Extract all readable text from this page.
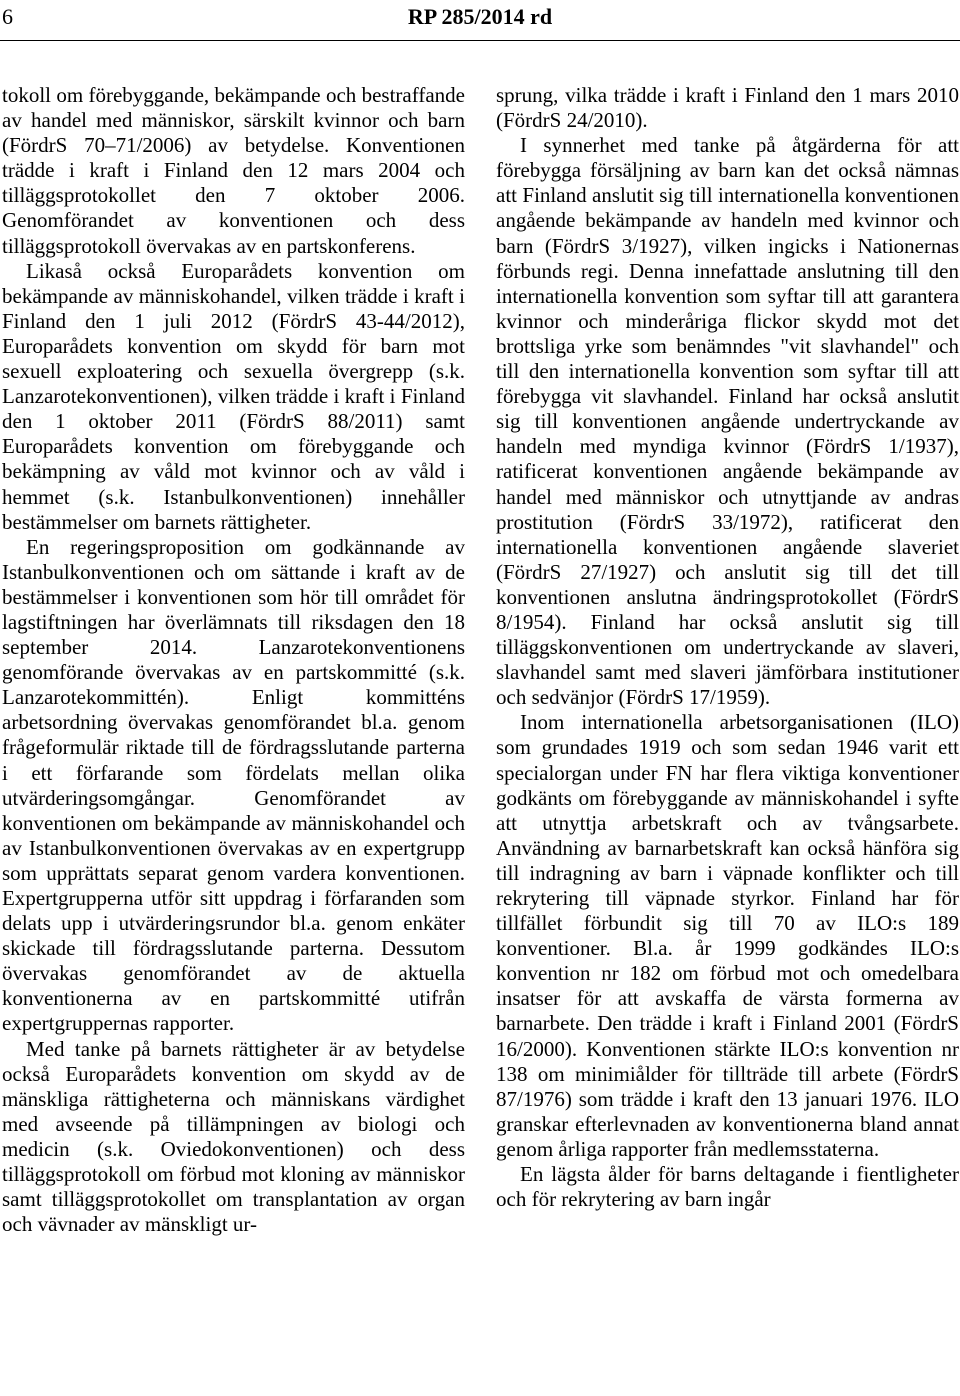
6	RP 285/2014 rd

tokoll om förebyggande, bekämpande och bestraffande av handel med människor, särskilt kvinnor och barn (FördrS 70–71/2006) av betydelse. Konventionen trädde i kraft i Finland den 12 mars 2004 och tilläggsprotokollet den 7 oktober 2006. Genomförandet av konventionen och dess tilläggsprotokoll övervakas av en partskonferens.

Likaså också Europarådets konvention om bekämpande av människohandel, vilken trädde i kraft i Finland den 1 juli 2012 (FördrS 43-44/2012), Europarådets konvention om skydd för barn mot sexuell exploatering och sexuella övergrepp (s.k. Lanzarotekonventionen), vilken trädde i kraft i Finland den 1 oktober 2011 (FördrS 88/2011) samt Europarådets konvention om förebyggande och bekämpning av våld mot kvinnor och av våld i hemmet (s.k. Istanbulkonventionen) innehåller bestämmelser om barnets rättigheter.

En regeringsproposition om godkännande av Istanbulkonventionen och om sättande i kraft av de bestämmelser i konventionen som hör till området för lagstiftningen har överlämnats till riksdagen den 18 september 2014. Lanzarotekonventionens genomförande övervakas av en partskommitté (s.k. Lanzarotekommittén). Enligt kommitténs arbetsordning övervakas genomförandet bl.a. genom frågeformulär riktade till de fördragsslutande parterna i ett förfarande som fördelats mellan olika utvärderingsomgångar. Genomförandet av konventionen om bekämpande av människohandel och av Istanbulkonventionen övervakas av en expertgrupp som upprättats separat genom vardera konventionen. Expertgrupperna utför sitt uppdrag i förfaranden som delats upp i utvärderingsrundor bl.a. genom enkäter skickade till fördragsslutande parterna. Dessutom övervakas genomförandet av de aktuella konventionerna av en partskommitté utifrån expertgruppernas rapporter.

Med tanke på barnets rättigheter är av betydelse också Europarådets konvention om skydd av de mänskliga rättigheterna och människans värdighet med avseende på tillämpningen av biologi och medicin (s.k. Oviedokonventionen) och dess tilläggsprotokoll om förbud mot kloning av människor samt tilläggsprotokollet om transplantation av organ och vävnader av mänskligt ur-

sprung, vilka trädde i kraft i Finland den 1 mars 2010 (FördrS 24/2010).

I synnerhet med tanke på åtgärderna för att förebygga försäljning av barn kan det också nämnas att Finland anslutit sig till internationella konventionen angående bekämpande av handeln med kvinnor och barn (FördrS 3/1927), vilken ingicks i Nationernas förbunds regi. Denna innefattade anslutning till den internationella konvention som syftar till att garantera kvinnor och minderåriga flickor skydd mot det brottsliga yrke som benämndes "vit slavhandel" och till den internationella konvention som syftar till att förebygga vit slavhandel. Finland har också anslutit sig till konventionen angående undertryckande av handeln med myndiga kvinnor (FördrS 1/1937), ratificerat konventionen angående bekämpande av handel med människor och utnyttjande av andras prostitution (FördrS 33/1972), ratificerat den internationella konventionen angående slaveriet (FördrS 27/1927) och anslutit sig till det till konventionen anslutna ändringsprotokollet (FördrS 8/1954). Finland har också anslutit sig till tilläggskonventionen om undertryckande av slaveri, slavhandel samt med slaveri jämförbara institutioner och sedvänjor (FördrS 17/1959).

Inom internationella arbetsorganisationen (ILO) som grundades 1919 och som sedan 1946 varit ett specialorgan under FN har flera viktiga konventioner godkänts om förebyggande av människohandel i syfte att utnyttja arbetskraft och av tvångsarbete. Användning av barnarbetskraft kan också hänföra sig till indragning av barn i väpnade konflikter och till rekrytering till väpnade styrkor. Finland har för tillfället förbundit sig till 70 av ILO:s 189 konventioner. Bl.a. år 1999 godkändes ILO:s konvention nr 182 om förbud mot och omedelbara insatser för att avskaffa de värsta formerna av barnarbete. Den trädde i kraft i Finland 2001 (FördrS 16/2000). Konventionen stärkte ILO:s konvention nr 138 om minimiålder för tillträde till arbete (FördrS 87/1976) som trädde i kraft den 13 januari 1976. ILO granskar efterlevnaden av konventionerna bland annat genom årliga rapporter från medlemsstaterna.

En lägsta ålder för barns deltagande i fientligheter och för rekrytering av barn ingår
